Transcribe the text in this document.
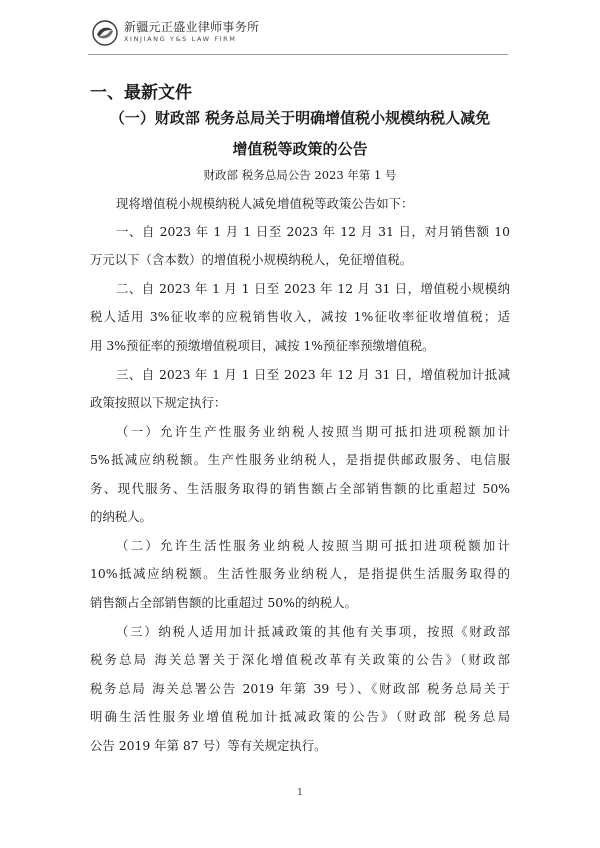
新疆元正盛业律师事务所
XINJIANG Y&S LAW FIRM
一、最新文件
（一）财政部 税务总局关于明确增值税小规模纳税人减免
增值税等政策的公告
财政部 税务总局公告 2023 年第 1 号
现将增值税小规模纳税人减免增值税等政策公告如下：
一、自 2023 年 1 月 1 日至 2023 年 12 月 31 日，对月销售额 10
万元以下（含本数）的增值税小规模纳税人，免征增值税。
二、自 2023 年 1 月 1 日至 2023 年 12 月 31 日，增值税小规模纳
税人适用 3%征收率的应税销售收入，减按 1%征收率征收增值税；适
用 3%预征率的预缴增值税项目，减按 1%预征率预缴增值税。
三、自 2023 年 1 月 1 日至 2023 年 12 月 31 日，增值税加计抵减
政策按照以下规定执行：
（一）允许生产性服务业纳税人按照当期可抵扣进项税额加计
5%抵减应纳税额。生产性服务业纳税人，是指提供邮政服务、电信服
务、现代服务、生活服务取得的销售额占全部销售额的比重超过 50%
的纳税人。
（二）允许生活性服务业纳税人按照当期可抵扣进项税额加计
10%抵减应纳税额。生活性服务业纳税人，是指提供生活服务取得的
销售额占全部销售额的比重超过 50%的纳税人。
（三）纳税人适用加计抵减政策的其他有关事项，按照《财政部
税务总局 海关总署关于深化增值税改革有关政策的公告》（财政部
税务总局 海关总署公告 2019 年第 39 号）、《财政部 税务总局关于
明确生活性服务业增值税加计抵减政策的公告》（财政部 税务总局
公告 2019 年第 87 号）等有关规定执行。
1
